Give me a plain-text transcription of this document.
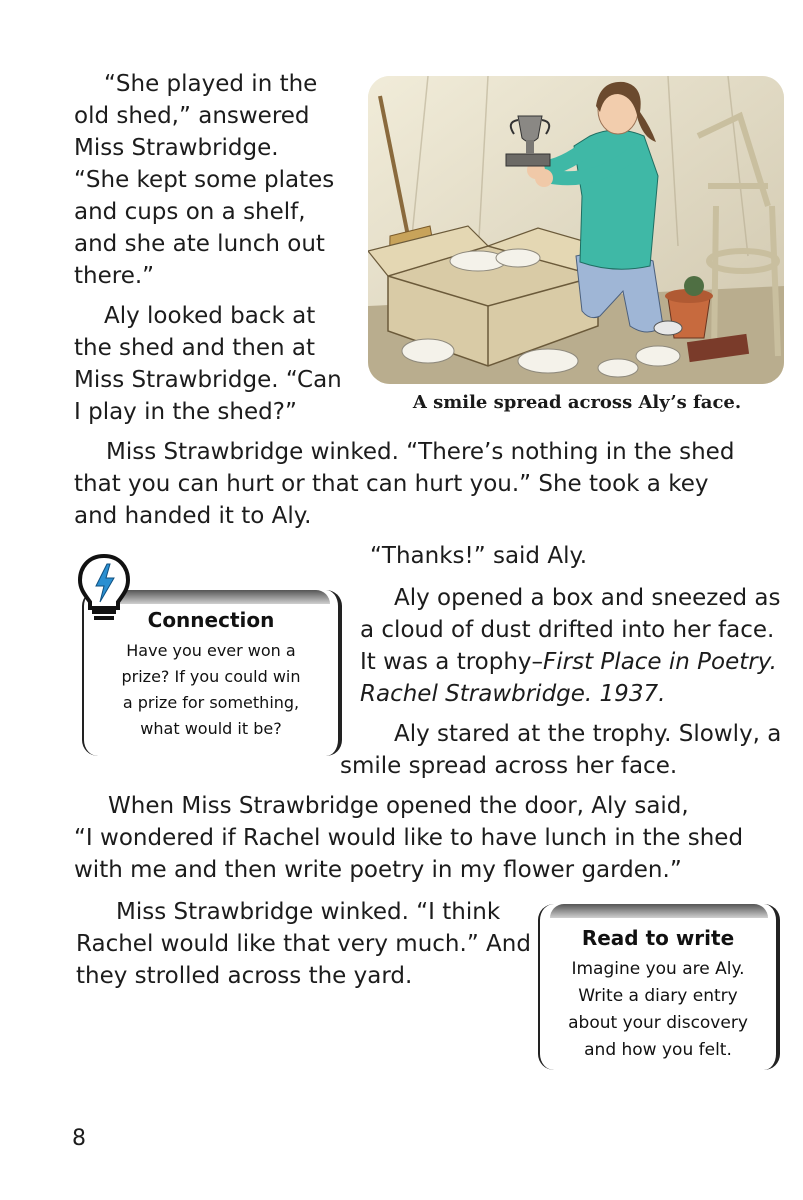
“She played in the
old shed,” answered
Miss Strawbridge.
“She kept some plates
and cups on a shelf,
and she ate lunch out
there.”

Aly looked back at
the shed and then at
Miss Strawbridge. “Can
I play in the shed?”	A smile spread across Aly’s face.

Miss Strawbridge winked. “There’s nothing in the shed
that you can hurt or that can hurt you.” She took a key
and handed it to Aly.

“Thanks!” said Aly.

Aly opened a box and sneezed as
a cloud of dust drifted into her face.
It was a trophy–First Place in Poetry.
Rachel Strawbridge. 1937.

Aly stared at the trophy. Slowly, a
smile spread across her face.

Connection
Have you ever won a
prize? If you could win
a prize for something,
what would it be?

When Miss Strawbridge opened the door, Aly said,
“I wondered if Rachel would like to have lunch in the shed
with me and then write poetry in my flower garden.”

Miss Strawbridge winked. “I think
Rachel would like that very much.” And
they strolled across the yard.

Read to write
Imagine you are Aly.
Write a diary entry
about your discovery
and how you felt.
8
